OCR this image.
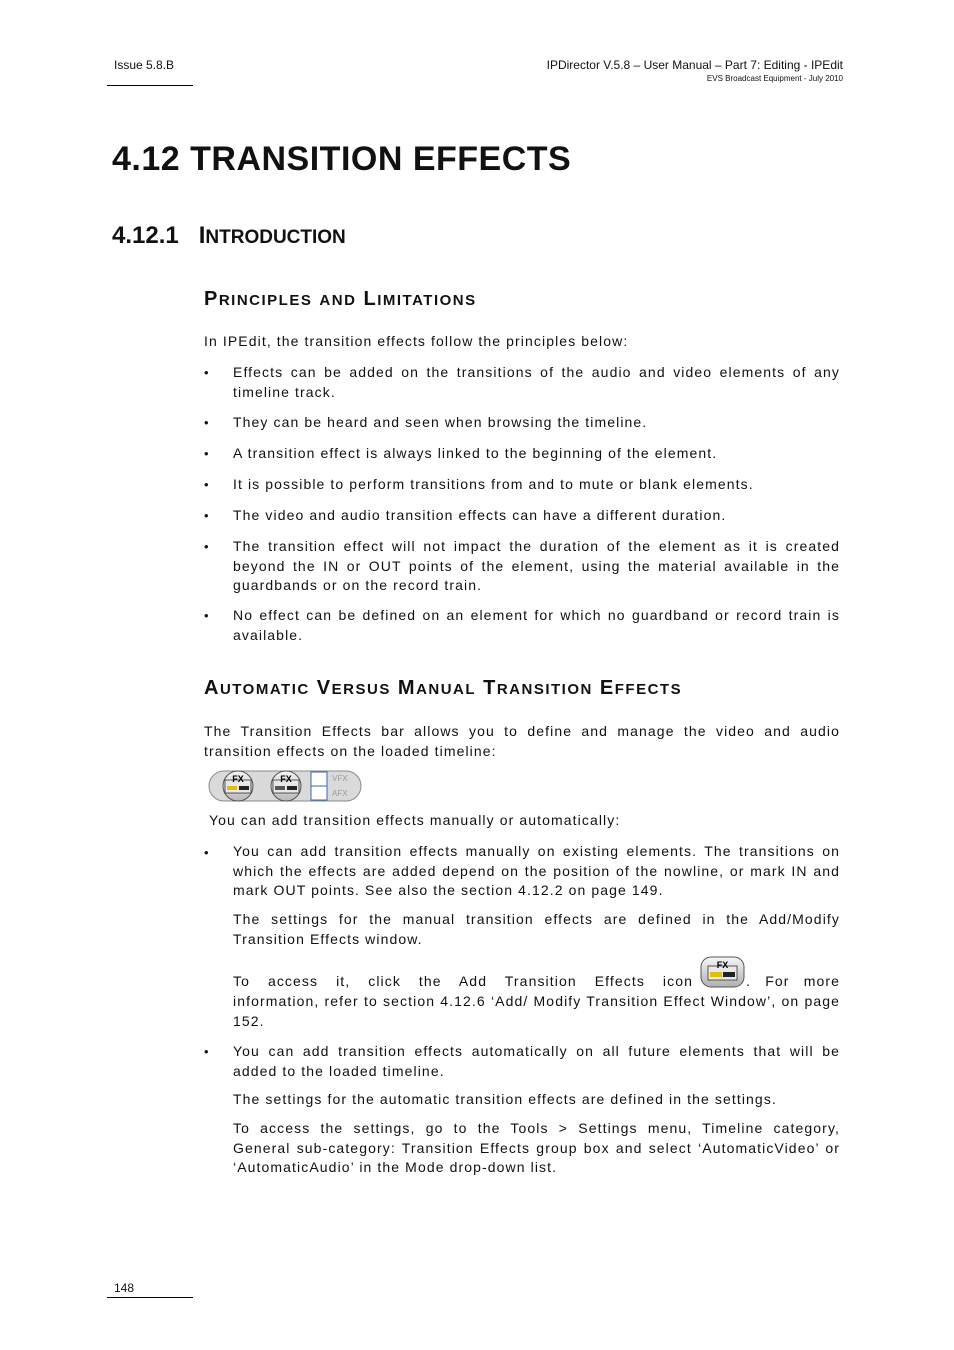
Issue 5.8.B	IPDirector V.5.8 – User Manual – Part 7: Editing - IPEdit
EVS Broadcast Equipment - July 2010
4.12 TRANSITION EFFECTS
4.12.1 INTRODUCTION
PRINCIPLES AND LIMITATIONS

In IPEdit, the transition effects follow the principles below:

• Effects can be added on the transitions of the audio and video elements of any timeline track.

• They can be heard and seen when browsing the timeline.

• A transition effect is always linked to the beginning of the element.

• It is possible to perform transitions from and to mute or blank elements.

• The video and audio transition effects can have a different duration.

• The transition effect will not impact the duration of the element as it is created beyond the IN or OUT points of the element, using the material available in the guardbands or on the record train.

• No effect can be defined on an element for which no guardband or record train is available.

AUTOMATIC VERSUS MANUAL TRANSITION EFFECTS

The Transition Effects bar allows you to define and manage the video and audio transition effects on the loaded timeline:

FX	FX	VFX
AFX

You can add transition effects manually or automatically:

• You can add transition effects manually on existing elements. The transitions on which the effects are added depend on the position of the nowline, or mark IN and mark OUT points. See also the section 4.12.2 on page 149.

The settings for the manual transition effects are defined in the Add/Modify Transition Effects window.

To access it, click the Add Transition Effects icon

FX

. For more

information, refer to section 4.12.6 ‘Add/ Modify Transition Effect Window’, on page 152.

• You can add transition effects automatically on all future elements that will be added to the loaded timeline.

The settings for the automatic transition effects are defined in the settings.

To access the settings, go to the Tools > Settings menu, Timeline category, General sub-category: Transition Effects group box and select ‘AutomaticVideo’ or ‘AutomaticAudio’ in the Mode drop-down list.

148
